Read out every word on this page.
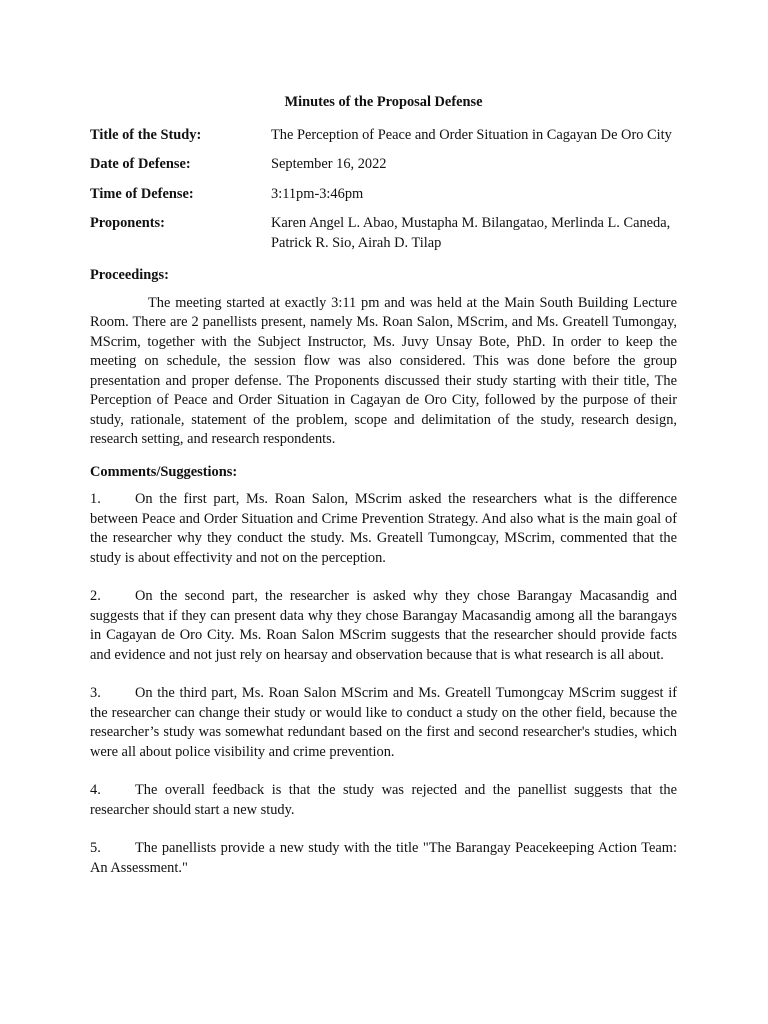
Minutes of the Proposal Defense
Title of the Study:	The Perception of Peace and Order Situation in Cagayan De Oro City
Date of Defense:	September 16, 2022
Time of Defense:	3:11pm-3:46pm
Proponents:	Karen Angel L. Abao, Mustapha M. Bilangatao, Merlinda L. Caneda, Patrick R. Sio, Airah D. Tilap
Proceedings:

The meeting started at exactly 3:11 pm and was held at the Main South Building Lecture Room. There are 2 panellists present, namely Ms. Roan Salon, MScrim, and Ms. Greatell Tumongay, MScrim, together with the Subject Instructor, Ms. Juvy Unsay Bote, PhD. In order to keep the meeting on schedule, the session flow was also considered. This was done before the group presentation and proper defense. The Proponents discussed their study starting with their title, The Perception of Peace and Order Situation in Cagayan de Oro City, followed by the purpose of their study, rationale, statement of the problem, scope and delimitation of the study, research design, research setting, and research respondents.

Comments/Suggestions:
1. On the first part, Ms. Roan Salon, MScrim asked the researchers what is the difference between Peace and Order Situation and Crime Prevention Strategy. And also what is the main goal of the researcher why they conduct the study. Ms. Greatell Tumongcay, MScrim, commented that the study is about effectivity and not on the perception.
2. On the second part, the researcher is asked why they chose Barangay Macasandig and suggests that if they can present data why they chose Barangay Macasandig among all the barangays in Cagayan de Oro City. Ms. Roan Salon MScrim suggests that the researcher should provide facts and evidence and not just rely on hearsay and observation because that is what research is all about.
3. On the third part, Ms. Roan Salon MScrim and Ms. Greatell Tumongcay MScrim suggest if the researcher can change their study or would like to conduct a study on the other field, because the researcher’s study was somewhat redundant based on the first and second researcher's studies, which were all about police visibility and crime prevention.
4. The overall feedback is that the study was rejected and the panellist suggests that the researcher should start a new study.
5. The panellists provide a new study with the title "The Barangay Peacekeeping Action Team: An Assessment."
